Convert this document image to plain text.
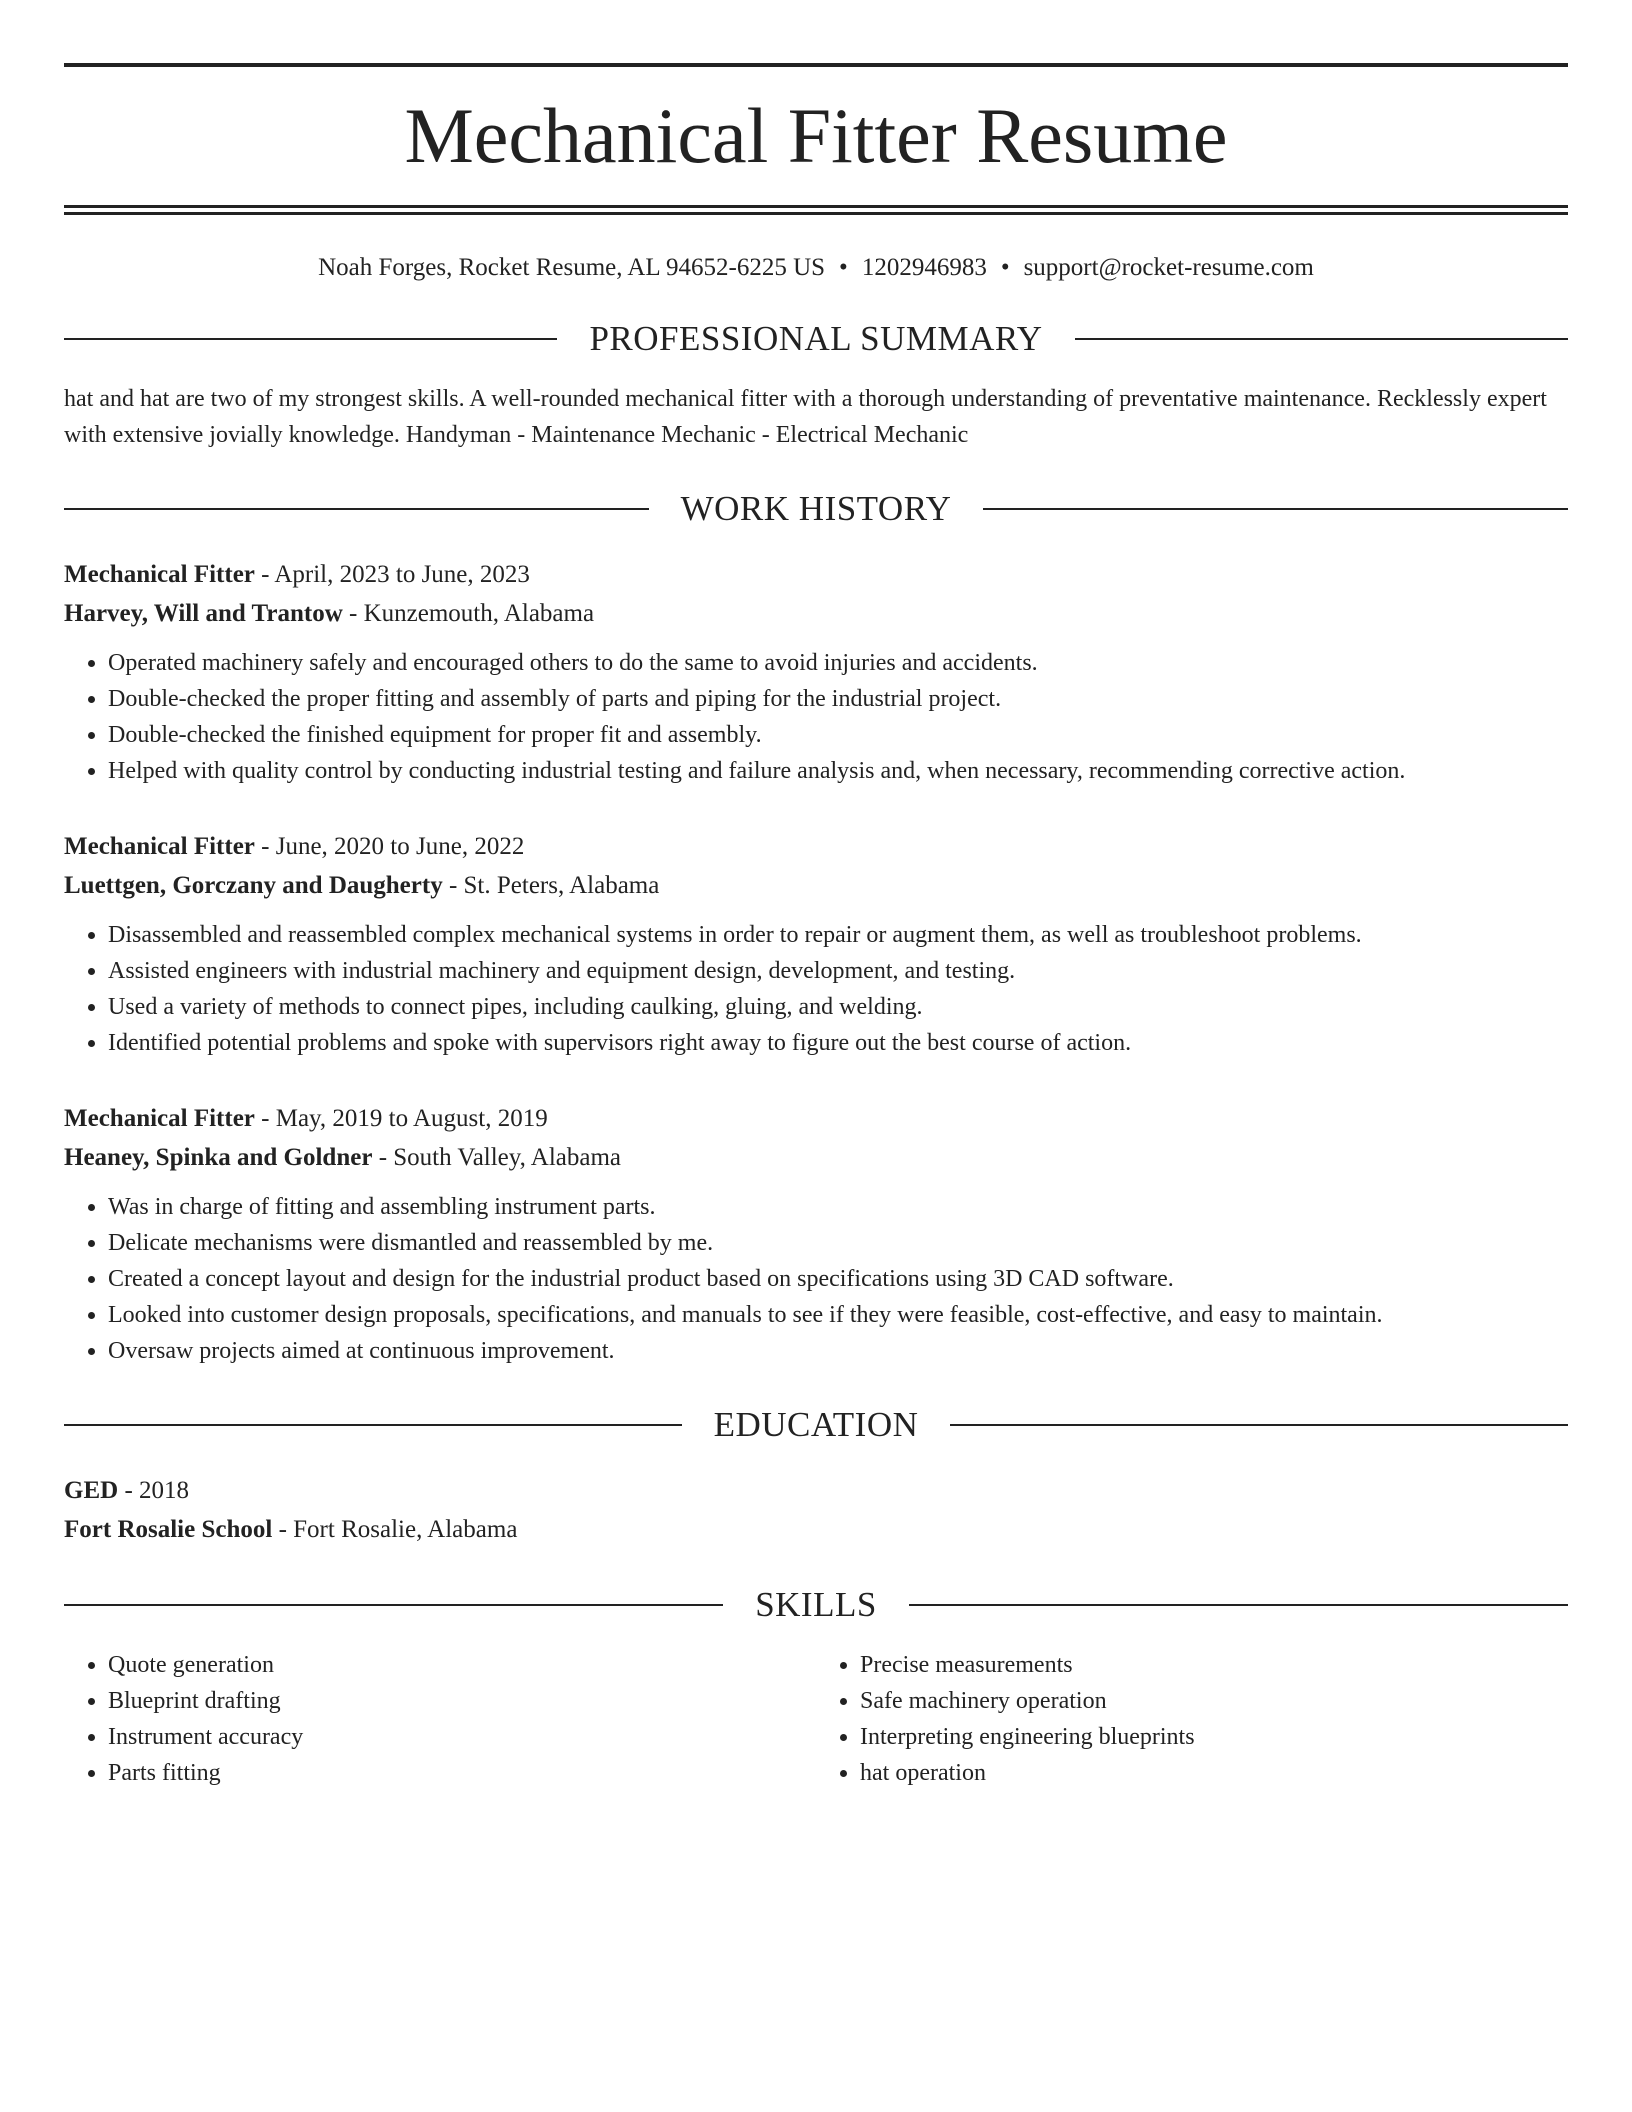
Mechanical Fitter Resume
Noah Forges, Rocket Resume, AL 94652-6225 US • 1202946983 • support@rocket-resume.com
PROFESSIONAL SUMMARY
hat and hat are two of my strongest skills. A well-rounded mechanical fitter with a thorough understanding of preventative maintenance. Recklessly expert with extensive jovially knowledge. Handyman - Maintenance Mechanic - Electrical Mechanic
WORK HISTORY
Mechanical Fitter - April, 2023 to June, 2023
Harvey, Will and Trantow - Kunzemouth, Alabama
• Operated machinery safely and encouraged others to do the same to avoid injuries and accidents.
• Double-checked the proper fitting and assembly of parts and piping for the industrial project.
• Double-checked the finished equipment for proper fit and assembly.
• Helped with quality control by conducting industrial testing and failure analysis and, when necessary, recommending corrective action.
Mechanical Fitter - June, 2020 to June, 2022
Luettgen, Gorczany and Daugherty - St. Peters, Alabama
• Disassembled and reassembled complex mechanical systems in order to repair or augment them, as well as troubleshoot problems.
• Assisted engineers with industrial machinery and equipment design, development, and testing.
• Used a variety of methods to connect pipes, including caulking, gluing, and welding.
• Identified potential problems and spoke with supervisors right away to figure out the best course of action.
Mechanical Fitter - May, 2019 to August, 2019
Heaney, Spinka and Goldner - South Valley, Alabama
• Was in charge of fitting and assembling instrument parts.
• Delicate mechanisms were dismantled and reassembled by me.
• Created a concept layout and design for the industrial product based on specifications using 3D CAD software.
• Looked into customer design proposals, specifications, and manuals to see if they were feasible, cost-effective, and easy to maintain.
• Oversaw projects aimed at continuous improvement.
EDUCATION
GED - 2018
Fort Rosalie School - Fort Rosalie, Alabama
SKILLS
• Quote generation
• Blueprint drafting
• Instrument accuracy
• Parts fitting
• Precise measurements
• Safe machinery operation
• Interpreting engineering blueprints
• hat operation
